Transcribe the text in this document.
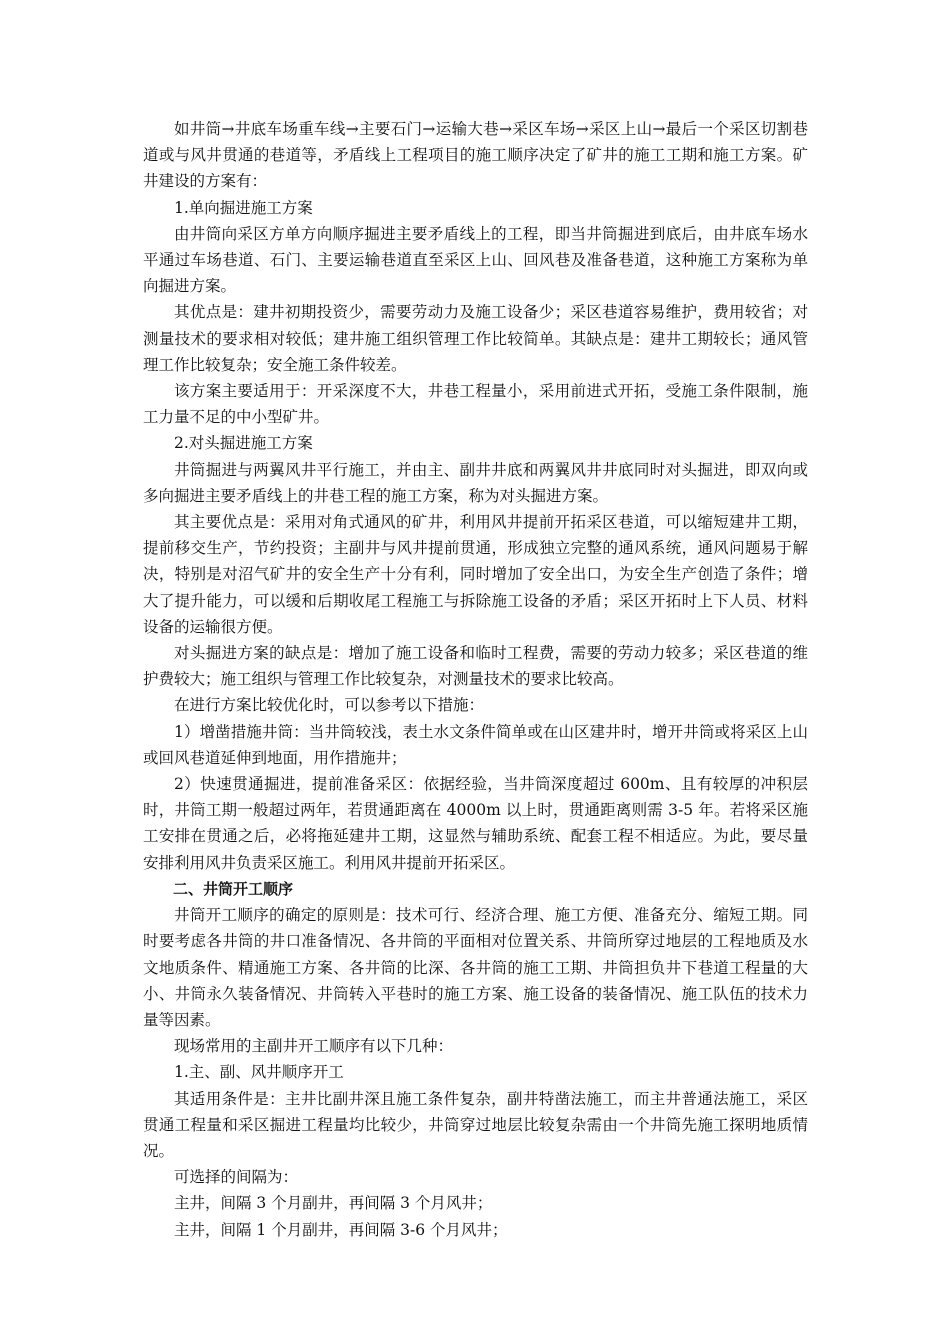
如井筒→井底车场重车线→主要石门→运输大巷→采区车场→采区上山→最后一个采区切割巷道或与风井贯通的巷道等，矛盾线上工程项目的施工顺序决定了矿井的施工工期和施工方案。矿井建设的方案有：

1.单向掘进施工方案

由井筒向采区方单方向顺序掘进主要矛盾线上的工程，即当井筒掘进到底后，由井底车场水平通过车场巷道、石门、主要运输巷道直至采区上山、回风巷及准备巷道，这种施工方案称为单向掘进方案。

其优点是：建井初期投资少，需要劳动力及施工设备少；采区巷道容易维护，费用较省；对测量技术的要求相对较低；建井施工组织管理工作比较简单。其缺点是：建井工期较长；通风管理工作比较复杂；安全施工条件较差。

该方案主要适用于：开采深度不大，井巷工程量小，采用前进式开拓，受施工条件限制，施工力量不足的中小型矿井。

2.对头掘进施工方案

井筒掘进与两翼风井平行施工，并由主、副井井底和两翼风井井底同时对头掘进，即双向或多向掘进主要矛盾线上的井巷工程的施工方案，称为对头掘进方案。

其主要优点是：采用对角式通风的矿井，利用风井提前开拓采区巷道，可以缩短建井工期，提前移交生产，节约投资；主副井与风井提前贯通，形成独立完整的通风系统，通风问题易于解决，特别是对沼气矿井的安全生产十分有利，同时增加了安全出口，为安全生产创造了条件；增大了提升能力，可以缓和后期收尾工程施工与拆除施工设备的矛盾；采区开拓时上下人员、材料设备的运输很方便。

对头掘进方案的缺点是：增加了施工设备和临时工程费，需要的劳动力较多；采区巷道的维护费较大；施工组织与管理工作比较复杂，对测量技术的要求比较高。

在进行方案比较优化时，可以参考以下措施：

1）增凿措施井筒：当井筒较浅，表土水文条件简单或在山区建井时，增开井筒或将采区上山或回风巷道延伸到地面，用作措施井；

2）快速贯通掘进，提前准备采区：依据经验，当井筒深度超过 600m、且有较厚的冲积层时，井筒工期一般超过两年，若贯通距离在 4000m 以上时，贯通距离则需 3-5 年。若将采区施工安排在贯通之后，必将拖延建井工期，这显然与辅助系统、配套工程不相适应。为此，要尽量安排利用风井负责采区施工。利用风井提前开拓采区。

二、井筒开工顺序

井筒开工顺序的确定的原则是：技术可行、经济合理、施工方便、准备充分、缩短工期。同时要考虑各井筒的井口准备情况、各井筒的平面相对位置关系、井筒所穿过地层的工程地质及水文地质条件、精通施工方案、各井筒的比深、各井筒的施工工期、井筒担负井下巷道工程量的大小、井筒永久装备情况、井筒转入平巷时的施工方案、施工设备的装备情况、施工队伍的技术力量等因素。

现场常用的主副井开工顺序有以下几种：

1.主、副、风井顺序开工

其适用条件是：主井比副井深且施工条件复杂，副井特凿法施工，而主井普通法施工，采区贯通工程量和采区掘进工程量均比较少，井筒穿过地层比较复杂需由一个井筒先施工探明地质情况。

可选择的间隔为：

主井，间隔 3 个月副井，再间隔 3 个月风井；

主井，间隔 1 个月副井，再间隔 3-6 个月风井；
